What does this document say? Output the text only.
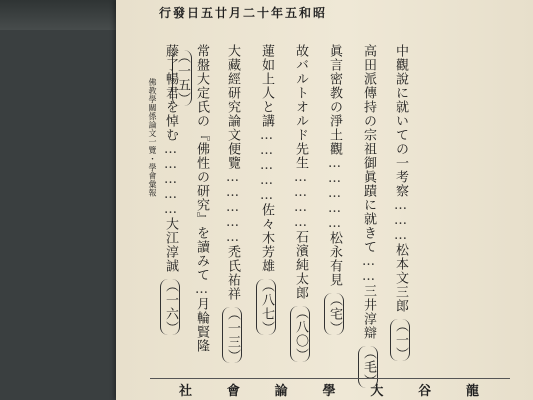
行發日五廿月二十年五和昭
中觀說に就いての一考察………松本文三郎（一）
高田派傳持の宗祖御眞蹟に就きて……三井淳辯（毛）
眞言密教の淨土觀……………松永有見（宅）
故バルトオルド先生…………石濱純太郎（八〇）
蓮如上人と講……………佐々木芳雄（八七）
大藏經研究論文便覽……………禿氏祐祥（一三）
常盤大定氏の『佛性の研究』を讀みて…月輪賢隆（一五）
藤了暢君を悼む……………大江淳誠（一六）
佛教學關係論文一覽・學會彙報
社	會	論	學	大	谷	龍
